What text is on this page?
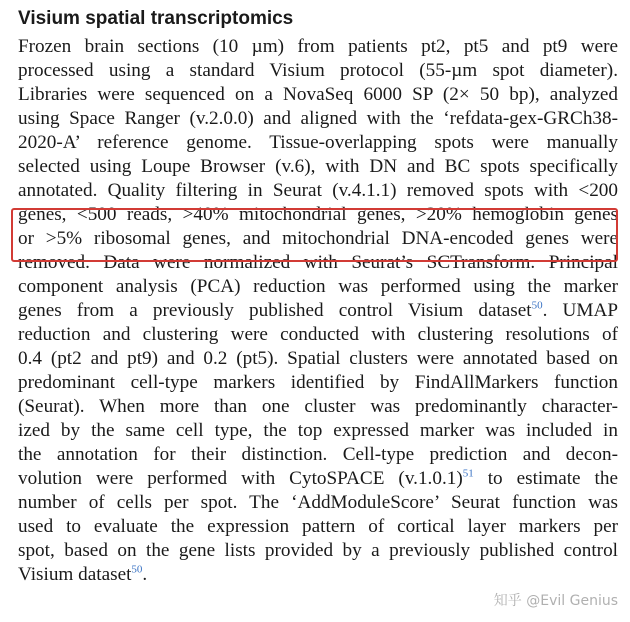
Visium spatial transcriptomics
Frozen brain sections (10 µm) from patients pt2, pt5 and pt9 were
processed using a standard Visium protocol (55-µm spot diameter).
Libraries were sequenced on a NovaSeq 6000 SP (2× 50 bp), analyzed
using Space Ranger (v.2.0.0) and aligned with the ‘refdata-gex-GRCh38-
2020-A’ reference genome. Tissue-overlapping spots were manually
selected using Loupe Browser (v.6), with DN and BC spots specifically
annotated. Quality filtering in Seurat (v.4.1.1) removed spots with <200
genes, <500 reads, >40% mitochondrial genes, >20% hemoglobin genes
or >5% ribosomal genes, and mitochondrial DNA-encoded genes were
removed. Data were normalized with Seurat’s SCTransform. Principal
component analysis (PCA) reduction was performed using the marker
genes from a previously published control Visium dataset$^{50}$. UMAP
reduction and clustering were conducted with clustering resolutions of
0.4 (pt2 and pt9) and 0.2 (pt5). Spatial clusters were annotated based on
predominant cell-type markers identified by FindAllMarkers function
(Seurat). When more than one cluster was predominantly character-
ized by the same cell type, the top expressed marker was included in
the annotation for their distinction. Cell-type prediction and decon-
volution were performed with CytoSPACE $(v.1.0.1)^{51}$ to estimate the
number of cells per spot. The ‘AddModuleScore’ Seurat function was
used to evaluate the expression pattern of cortical layer markers per
spot, based on the gene lists provided by a previously published control
Visium dataset$^{50}$.
知乎 @Evil Genius
